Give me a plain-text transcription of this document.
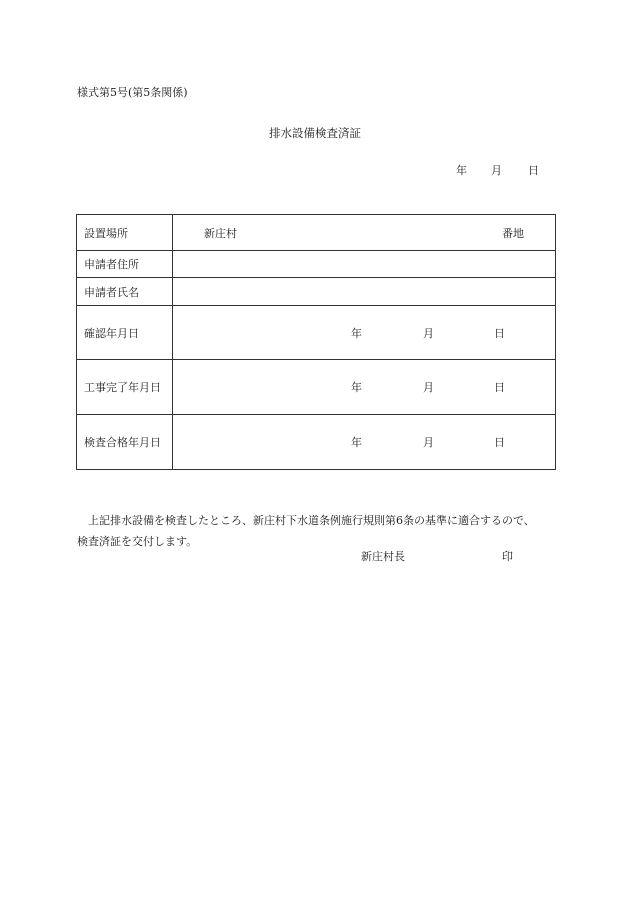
様式第5号(第5条関係)
排水設備検査済証
年 月 日
設置場所	新庄村 番地

申請者住所	
申請者氏名	
確認年月日	年 月 日

工事完了年月日	年 月 日

検査合格年月日	年 月 日
上記排水設備を検査したところ、新庄村下水道条例施行規則第6条の基準に適合するので、
検査済証を交付します。
新庄村長	印
